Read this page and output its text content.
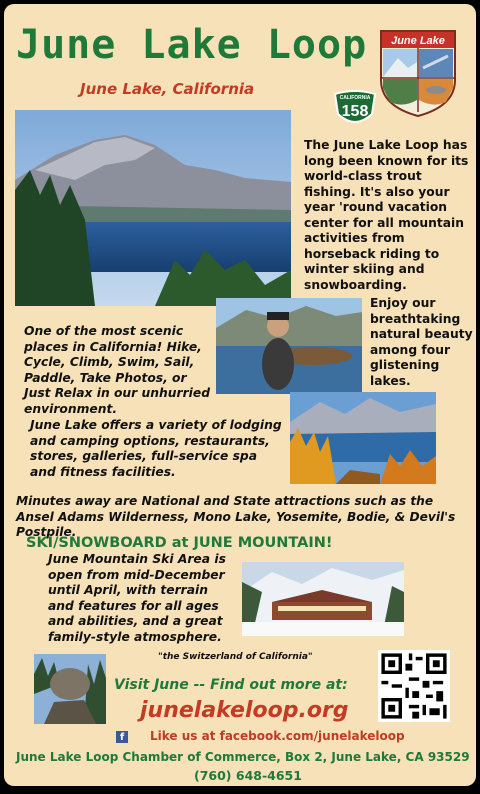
June Lake Loop
June Lake, California
June Lake
CALIFORNIA
158
The June Lake Loop has long been known for its world-class trout fishing. It's also your year 'round vacation center for all mountain activities from horseback riding to winter skiing and snowboarding.
Enjoy our breathtaking natural beauty among four glistening lakes.
One of the most scenic places in California! Hike, Cycle, Climb, Swim, Sail, Paddle, Take Photos, or Just Relax in our unhurried environment.
June Lake offers a variety of lodging and camping options, restaurants, stores, galleries, full-service spa and fitness facilities.
Minutes away are National and State attractions such as the Ansel Adams Wilderness, Mono Lake, Yosemite, Bodie, & Devil's Postpile.
SKI/SNOWBOARD at JUNE MOUNTAIN!
June Mountain Ski Area is open from mid-December until April, with terrain and features for all ages and abilities, and a great family-style atmosphere.
"the Switzerland of California"
Visit June -- Find out more at:
junelakeloop.org
f	Like us at facebook.com/junelakeloop
June Lake Loop Chamber of Commerce, Box 2, June Lake, CA 93529
(760) 648-4651
